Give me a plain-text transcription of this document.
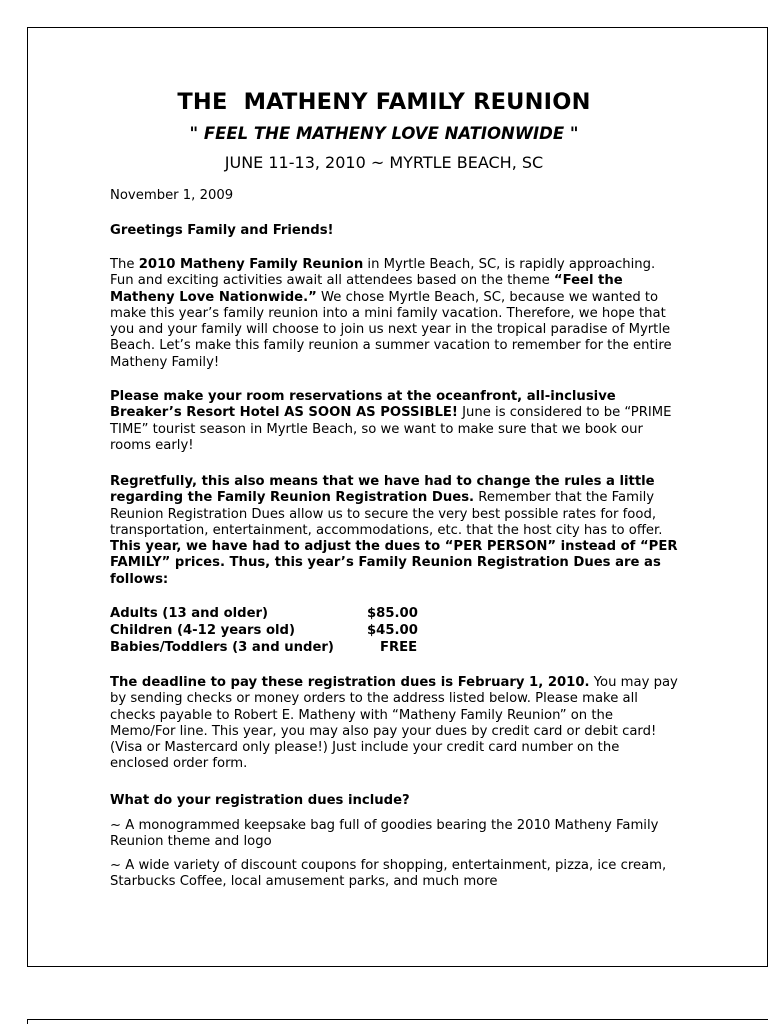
THE  MATHENY FAMILY REUNION
" FEEL THE MATHENY LOVE NATIONWIDE "
JUNE 11-13, 2010 ~ MYRTLE BEACH, SC
November 1, 2009
Greetings Family and Friends!
The 2010 Matheny Family Reunion in Myrtle Beach, SC, is rapidly approaching. Fun and exciting activities await all attendees based on the theme “Feel the Matheny Love Nationwide.” We chose Myrtle Beach, SC, because we wanted to make this year’s family reunion into a mini family vacation. Therefore, we hope that you and your family will choose to join us next year in the tropical paradise of Myrtle Beach. Let’s make this family reunion a summer vacation to remember for the entire Matheny Family!
Please make your room reservations at the oceanfront, all-inclusive Breaker’s Resort Hotel AS SOON AS POSSIBLE! June is considered to be “PRIME TIME” tourist season in Myrtle Beach, so we want to make sure that we book our rooms early!
Regretfully, this also means that we have had to change the rules a little regarding the Family Reunion Registration Dues. Remember that the Family Reunion Registration Dues allow us to secure the very best possible rates for food, transportation, entertainment, accommodations, etc. that the host city has to offer. This year, we have had to adjust the dues to “PER PERSON” instead of “PER FAMILY” prices. Thus, this year’s Family Reunion Registration Dues are as follows:
Adults (13 and older)	$85.00
Children (4-12 years old)	$45.00
Babies/Toddlers (3 and under)	FREE
The deadline to pay these registration dues is February 1, 2010. You may pay by sending checks or money orders to the address listed below. Please make all checks payable to Robert E. Matheny with “Matheny Family Reunion” on the Memo/For line. This year, you may also pay your dues by credit card or debit card! (Visa or Mastercard only please!) Just include your credit card number on the enclosed order form.
What do your registration dues include?
~ A monogrammed keepsake bag full of goodies bearing the 2010 Matheny Family Reunion theme and logo
~ A wide variety of discount coupons for shopping, entertainment, pizza, ice cream, Starbucks Coffee, local amusement parks, and much more
